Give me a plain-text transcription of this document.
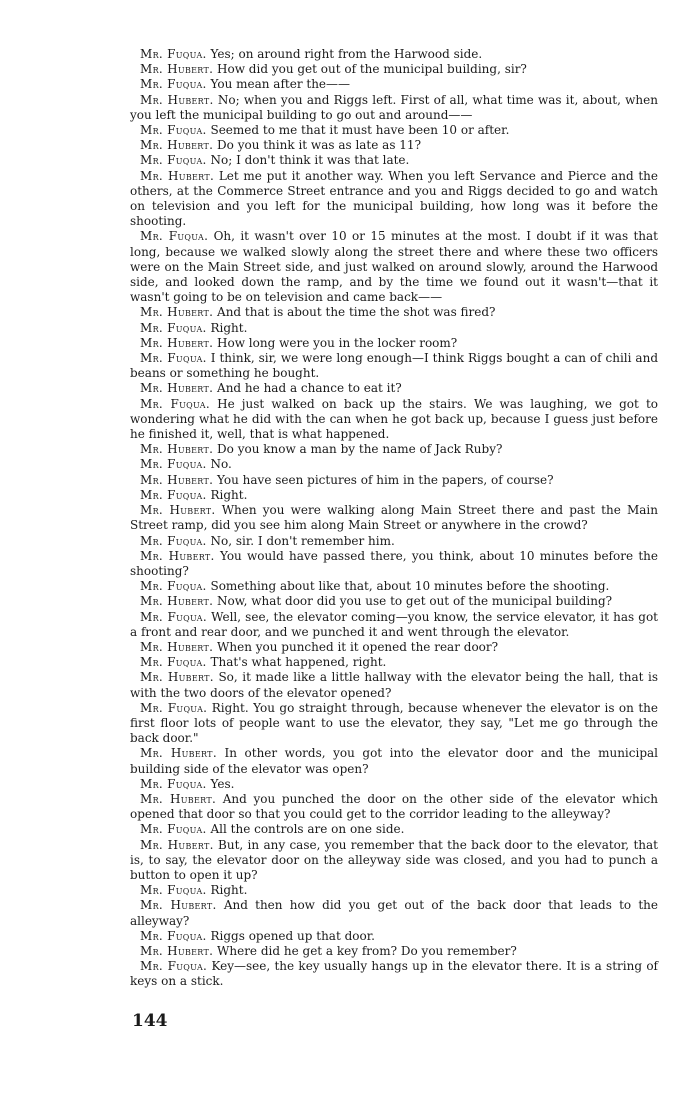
Mr. Fuqua. Yes; on around right from the Harwood side.

Mr. Hubert. How did you get out of the municipal building, sir?

Mr. Fuqua. You mean after the——

Mr. Hubert. No; when you and Riggs left. First of all, what time was it, about, when you left the municipal building to go out and around——

Mr. Fuqua. Seemed to me that it must have been 10 or after.

Mr. Hubert. Do you think it was as late as 11?

Mr. Fuqua. No; I don't think it was that late.

Mr. Hubert. Let me put it another way. When you left Servance and Pierce and the others, at the Commerce Street entrance and you and Riggs decided to go and watch on television and you left for the municipal building, how long was it before the shooting.

Mr. Fuqua. Oh, it wasn't over 10 or 15 minutes at the most. I doubt if it was that long, because we walked slowly along the street there and where these two officers were on the Main Street side, and just walked on around slowly, around the Harwood side, and looked down the ramp, and by the time we found out it wasn't—that it wasn't going to be on television and came back——

Mr. Hubert. And that is about the time the shot was fired?

Mr. Fuqua. Right.

Mr. Hubert. How long were you in the locker room?

Mr. Fuqua. I think, sir, we were long enough—I think Riggs bought a can of chili and beans or something he bought.

Mr. Hubert. And he had a chance to eat it?

Mr. Fuqua. He just walked on back up the stairs. We was laughing, we got to wondering what he did with the can when he got back up, because I guess just before he finished it, well, that is what happened.

Mr. Hubert. Do you know a man by the name of Jack Ruby?

Mr. Fuqua. No.

Mr. Hubert. You have seen pictures of him in the papers, of course?

Mr. Fuqua. Right.

Mr. Hubert. When you were walking along Main Street there and past the Main Street ramp, did you see him along Main Street or anywhere in the crowd?

Mr. Fuqua. No, sir. I don't remember him.

Mr. Hubert. You would have passed there, you think, about 10 minutes before the shooting?

Mr. Fuqua. Something about like that, about 10 minutes before the shooting.

Mr. Hubert. Now, what door did you use to get out of the municipal building?

Mr. Fuqua. Well, see, the elevator coming—you know, the service elevator, it has got a front and rear door, and we punched it and went through the elevator.

Mr. Hubert. When you punched it it opened the rear door?

Mr. Fuqua. That's what happened, right.

Mr. Hubert. So, it made like a little hallway with the elevator being the hall, that is with the two doors of the elevator opened?

Mr. Fuqua. Right. You go straight through, because whenever the elevator is on the first floor lots of people want to use the elevator, they say, "Let me go through the back door."

Mr. Hubert. In other words, you got into the elevator door and the municipal building side of the elevator was open?

Mr. Fuqua. Yes.

Mr. Hubert. And you punched the door on the other side of the elevator which opened that door so that you could get to the corridor leading to the alleyway?

Mr. Fuqua. All the controls are on one side.

Mr. Hubert. But, in any case, you remember that the back door to the elevator, that is, to say, the elevator door on the alleyway side was closed, and you had to punch a button to open it up?

Mr. Fuqua. Right.

Mr. Hubert. And then how did you get out of the back door that leads to the alleyway?

Mr. Fuqua. Riggs opened up that door.

Mr. Hubert. Where did he get a key from? Do you remember?

Mr. Fuqua. Key—see, the key usually hangs up in the elevator there. It is a string of keys on a stick.

144
